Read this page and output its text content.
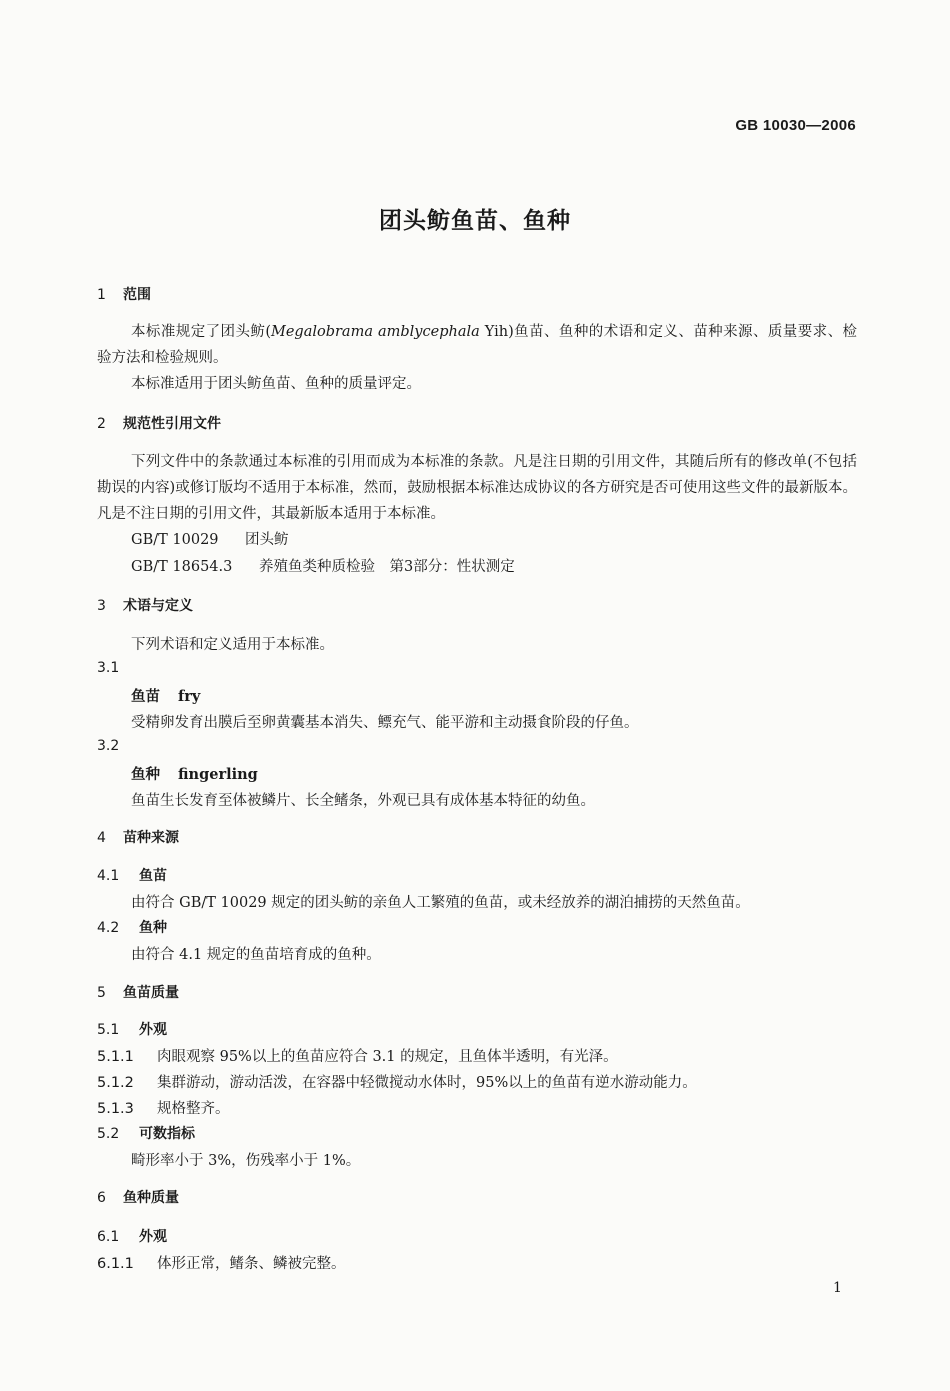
GB 10030—2006
团头鲂鱼苗、鱼种
1 范围
本标准规定了团头鲂(Megalobrama amblycephala Yih)鱼苗、鱼种的术语和定义、苗种来源、质量要求、检验方法和检验规则。
本标准适用于团头鲂鱼苗、鱼种的质量评定。
2 规范性引用文件
下列文件中的条款通过本标准的引用而成为本标准的条款。凡是注日期的引用文件，其随后所有的修改单(不包括勘误的内容)或修订版均不适用于本标准，然而，鼓励根据本标准达成协议的各方研究是否可使用这些文件的最新版本。凡是不注日期的引用文件，其最新版本适用于本标准。
GB/T 10029 团头鲂
GB/T 18654.3 养殖鱼类种质检验　第3部分：性状测定
3 术语与定义
下列术语和定义适用于本标准。
3.1
鱼苗 fry
受精卵发育出膜后至卵黄囊基本消失、鳔充气、能平游和主动摄食阶段的仔鱼。
3.2
鱼种 fingerling
鱼苗生长发育至体被鳞片、长全鳍条，外观已具有成体基本特征的幼鱼。
4 苗种来源
4.1 鱼苗
由符合 GB/T 10029 规定的团头鲂的亲鱼人工繁殖的鱼苗，或未经放养的湖泊捕捞的天然鱼苗。
4.2 鱼种
由符合 4.1 规定的鱼苗培育成的鱼种。
5 鱼苗质量
5.1 外观
5.1.1 肉眼观察 95%以上的鱼苗应符合 3.1 的规定，且鱼体半透明，有光泽。
5.1.2 集群游动，游动活泼，在容器中轻微搅动水体时，95%以上的鱼苗有逆水游动能力。
5.1.3 规格整齐。
5.2 可数指标
畸形率小于 3%，伤残率小于 1%。
6 鱼种质量
6.1 外观
6.1.1 体形正常，鳍条、鳞被完整。
1
